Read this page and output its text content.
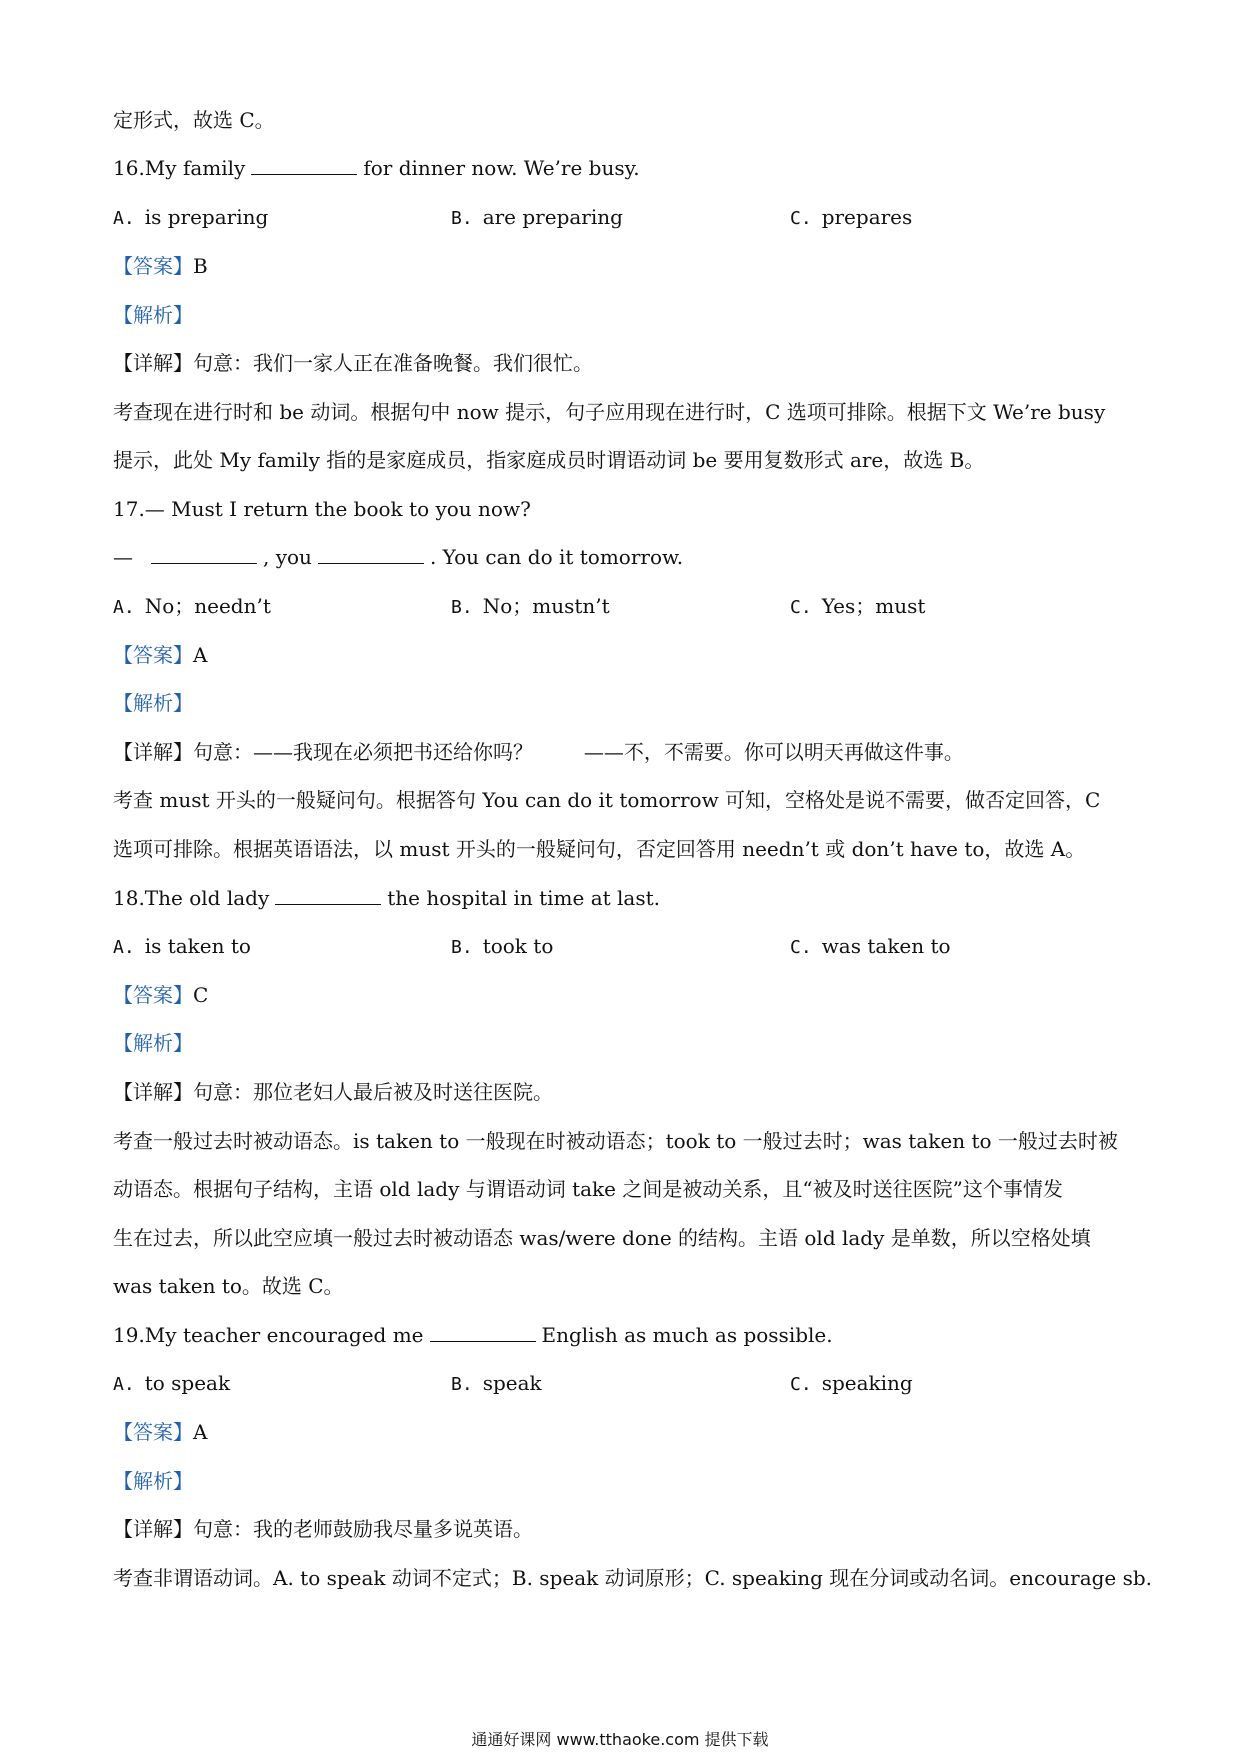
定形式，故选 C。
16.My family	for dinner now. We’re busy.
A. is preparing	B. are preparing	C. prepares
【答案】B
【解析】
【详解】句意：我们一家人正在准备晚餐。我们很忙。
考查现在进行时和 be 动词。根据句中 now 提示，句子应用现在进行时，C 选项可排除。根据下文 We’re busy
提示，此处 My family 指的是家庭成员，指家庭成员时谓语动词 be 要用复数形式 are，故选 B。
17.— Must I return the book to you now?
—	, you	. You can do it tomorrow.
A. No；needn’t	B. No；mustn’t	C. Yes；must
【答案】A
【解析】
【详解】句意：——我现在必须把书还给你吗？        ——不，不需要。你可以明天再做这件事。
考查 must 开头的一般疑问句。根据答句 You can do it tomorrow 可知，空格处是说不需要，做否定回答，C
选项可排除。根据英语语法，以 must 开头的一般疑问句，否定回答用 needn’t 或 don’t have to，故选 A。
18.The old lady	the hospital in time at last.
A. is taken to	B. took to	C. was taken to
【答案】C
【解析】
【详解】句意：那位老妇人最后被及时送往医院。
考查一般过去时被动语态。is taken to 一般现在时被动语态；took to 一般过去时；was taken to 一般过去时被
动语态。根据句子结构，主语 old lady 与谓语动词 take 之间是被动关系，且“被及时送往医院”这个事情发
生在过去，所以此空应填一般过去时被动语态 was/were done 的结构。主语 old lady 是单数，所以空格处填
was taken to。故选 C。
19.My teacher encouraged me	English as much as possible.
A. to speak	B. speak	C. speaking
【答案】A
【解析】
【详解】句意：我的老师鼓励我尽量多说英语。
考查非谓语动词。A. to speak 动词不定式；B. speak 动词原形；C. speaking 现在分词或动名词。encourage sb.
通通好课网 www.tthaoke.com 提供下载
